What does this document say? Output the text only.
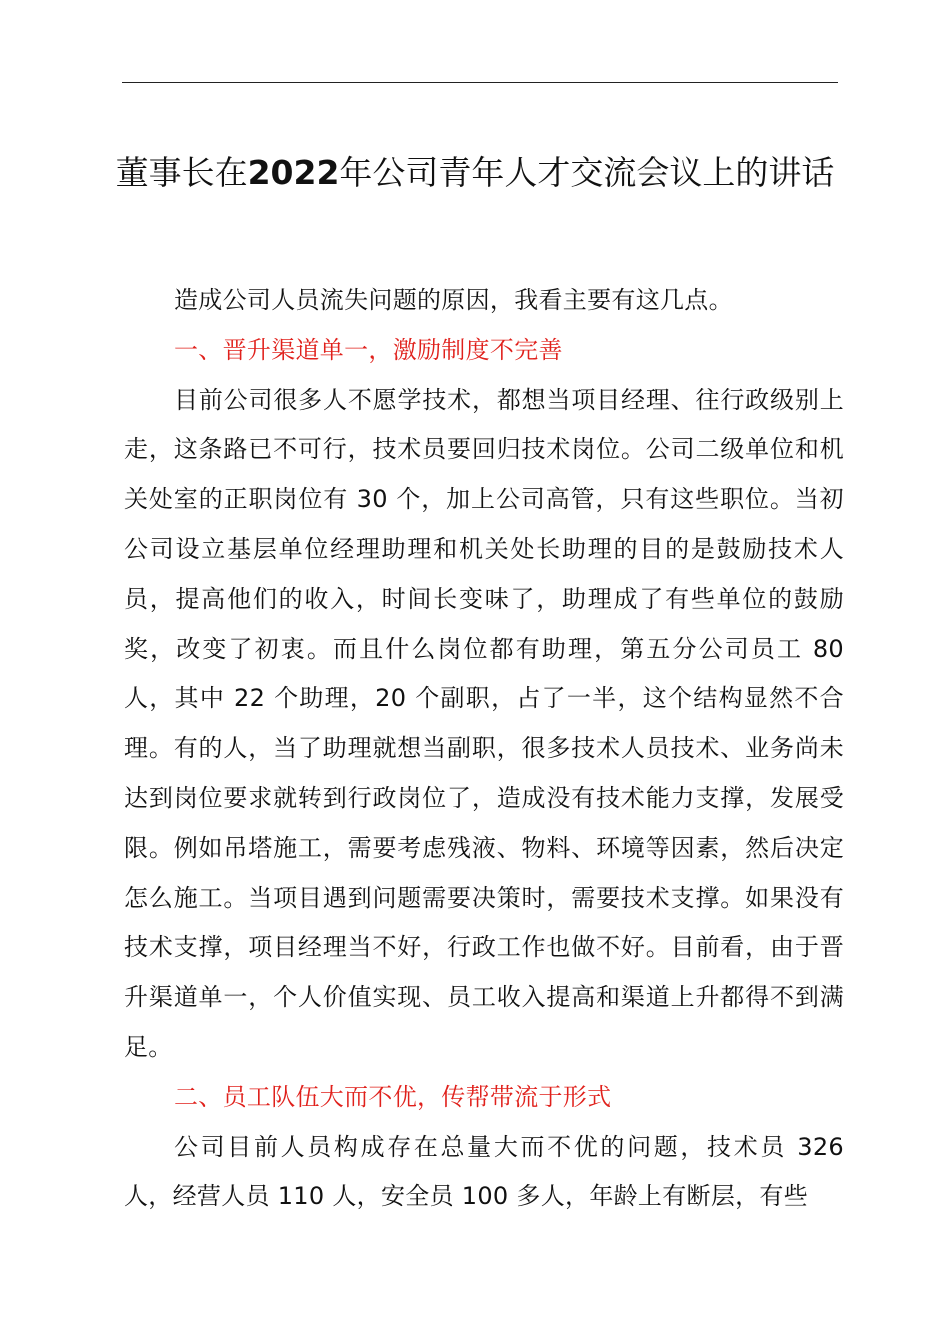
董事长在2022年公司青年人才交流会议上的讲话

造成公司人员流失问题的原因，我看主要有这几点。

一、晋升渠道单一，激励制度不完善

目前公司很多人不愿学技术，都想当项目经理、往行政级别上走，这条路已不可行，技术员要回归技术岗位。公司二级单位和机关处室的正职岗位有 30 个，加上公司高管，只有这些职位。当初公司设立基层单位经理助理和机关处长助理的目的是鼓励技术人员，提高他们的收入，时间长变味了，助理成了有些单位的鼓励奖，改变了初衷。而且什么岗位都有助理，第五分公司员工 80 人，其中 22 个助理，20 个副职，占了一半，这个结构显然不合理。有的人，当了助理就想当副职，很多技术人员技术、业务尚未达到岗位要求就转到行政岗位了，造成没有技术能力支撑，发展受限。例如吊塔施工，需要考虑残液、物料、环境等因素，然后决定怎么施工。当项目遇到问题需要决策时，需要技术支撑。如果没有技术支撑，项目经理当不好，行政工作也做不好。目前看，由于晋升渠道单一，个人价值实现、员工收入提高和渠道上升都得不到满足。

二、员工队伍大而不优，传帮带流于形式

公司目前人员构成存在总量大而不优的问题，技术员 326 人，经营人员 110 人，安全员 100 多人，年龄上有断层，有些
